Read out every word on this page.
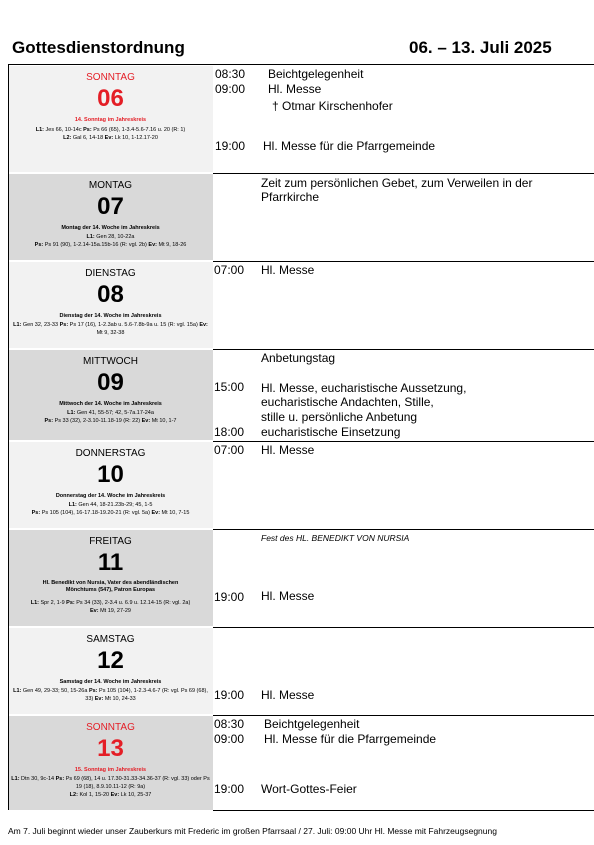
Gottesdienstordnung	06. – 13. Juli 2025
SONNTAG
06
14. Sonntag im Jahreskreis
L1: Jes 66, 10-14c Ps: Ps 66 (65), 1-3.4-5.6-7.16 u. 20 (R: 1)
L2: Gal 6, 14-18 Ev: Lk 10, 1-12.17-20
MONTAG
07
Montag der 14. Woche im Jahreskreis
L1: Gen 28, 10-22a
Ps: Ps 91 (90), 1-2.14-15a.15b-16 (R: vgl. 2b) Ev: Mt 9, 18-26
DIENSTAG
08
Dienstag der 14. Woche im Jahreskreis
L1: Gen 32, 23-33 Ps: Ps 17 (16), 1-2.3ab u. 5.6-7.8b-9a u. 15 (R: vgl. 15a) Ev: Mt 9, 32-38
MITTWOCH
09
Mittwoch der 14. Woche im Jahreskreis
L1: Gen 41, 55-57; 42, 5-7a.17-24a
Ps: Ps 33 (32), 2-3.10-11.18-19 (R: 22) Ev: Mt 10, 1-7
DONNERSTAG
10
Donnerstag der 14. Woche im Jahreskreis
L1: Gen 44, 18-21.23b-29; 45, 1-5
Ps: Ps 105 (104), 16-17.18-19.20-21 (R: vgl. 5a) Ev: Mt 10, 7-15
FREITAG
11
Hl. Benedikt von Nursia, Vater des abendländischen Mönchtums (547), Patron Europas
L1: Spr 2, 1-9 Ps: Ps 34 (33), 2-3.4 u. 6.9 u. 12.14-15 (R: vgl. 2a)
Ev: Mt 19, 27-29
SAMSTAG
12
Samstag der 14. Woche im Jahreskreis
L1: Gen 49, 29-33; 50, 15-26a Ps: Ps 105 (104), 1-2.3-4.6-7 (R: vgl. Ps 69 (68), 33) Ev: Mt 10, 24-33
SONNTAG
13
15. Sonntag im Jahreskreis
L1: Dtn 30, 9c-14 Ps: Ps 69 (68), 14 u. 17.30-31.33-34.36-37 (R: vgl. 33) oder Ps 19 (18), 8.9.10.11-12 (R: 9a)
L2: Kol 1, 15-20 Ev: Lk 10, 25-37
08:30 Beichtgelegenheit
09:00 Hl. Messe
† Otmar Kirschenhofer
19:00 Hl. Messe für die Pfarrgemeinde
Zeit zum persönlichen Gebet, zum Verweilen in der
Pfarrkirche
07:00 Hl. Messe
Anbetungstag
15:00 Hl. Messe, eucharistische Aussetzung,
eucharistische Andachten, Stille,
stille u. persönliche Anbetung
18:00 eucharistische Einsetzung
07:00 Hl. Messe
Fest des HL. BENEDIKT VON NURSIA
19:00 Hl. Messe
19:00 Hl. Messe
08:30 Beichtgelegenheit
09:00 Hl. Messe für die Pfarrgemeinde
19:00 Wort-Gottes-Feier
Am 7. Juli beginnt wieder unser Zauberkurs mit Frederic im großen Pfarrsaal / 27. Juli: 09:00 Uhr Hl. Messe mit Fahrzeugsegnung
